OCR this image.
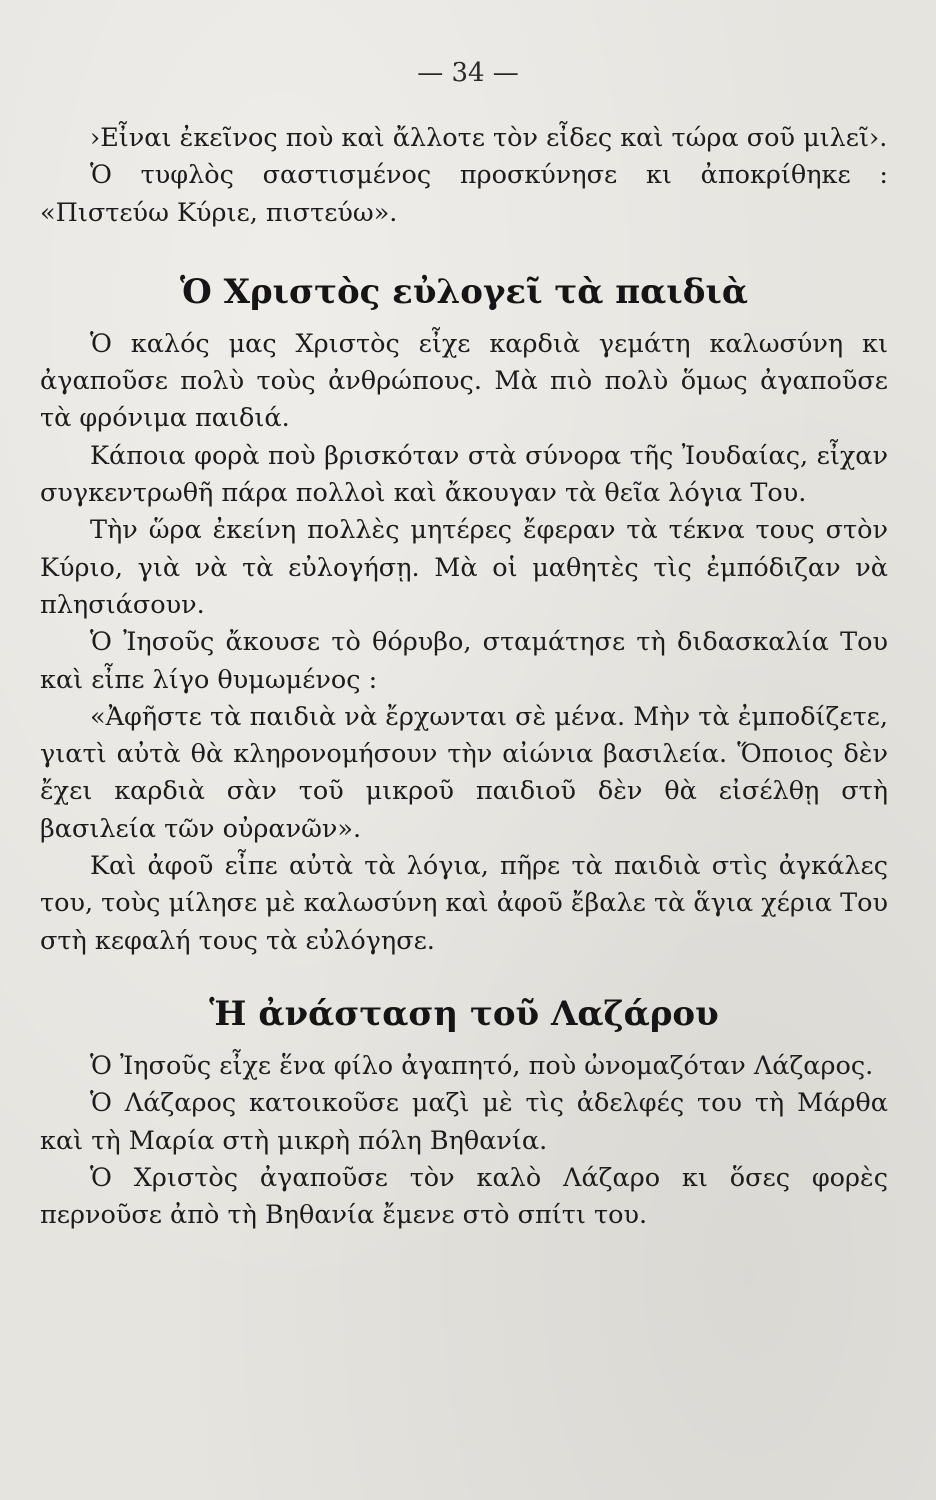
— 34 —

›Εἶναι ἐκεῖνος ποὺ καὶ ἄλλοτε τὸν εἶδες καὶ τώρα σοῦ μιλεῖ›.

Ὁ τυφλὸς σαστισμένος προσκύνησε κι ἀποκρίθηκε : «Πιστεύω Κύριε, πιστεύω».

Ὁ Χριστὸς εὐλογεῖ τὰ παιδιὰ

Ὁ καλός μας Χριστὸς εἶχε καρδιὰ γεμάτη καλωσύνη κι ἀγαποῦσε πολὺ τοὺς ἀνθρώπους. Μὰ πιὸ πολὺ ὅμως ἀγαποῦσε τὰ φρόνιμα παιδιά.

Κάποια φορὰ ποὺ βρισκόταν στὰ σύνορα τῆς Ἰουδαίας, εἶχαν συγκεντρωθῆ πάρα πολλοὶ καὶ ἄκουγαν τὰ θεῖα λόγια Του.

Τὴν ὥρα ἐκείνη πολλὲς μητέρες ἔφεραν τὰ τέκνα τους στὸν Κύριο, γιὰ νὰ τὰ εὐλογήσῃ. Μὰ οἱ μαθητὲς τὶς ἐμπόδιζαν νὰ πλησιάσουν.

Ὁ Ἰησοῦς ἄκουσε τὸ θόρυβο, σταμάτησε τὴ διδασκαλία Του καὶ εἶπε λίγο θυμωμένος :

«Ἀφῆστε τὰ παιδιὰ νὰ ἔρχωνται σὲ μένα. Μὴν τὰ ἐμποδίζετε, γιατὶ αὐτὰ θὰ κληρονομήσουν τὴν αἰώνια βασιλεία. Ὅποιος δὲν ἔχει καρδιὰ σὰν τοῦ μικροῦ παιδιοῦ δὲν θὰ εἰσέλθῃ στὴ βασιλεία τῶν οὐρανῶν».

Καὶ ἀφοῦ εἶπε αὐτὰ τὰ λόγια, πῆρε τὰ παιδιὰ στὶς ἀγκάλες του, τοὺς μίλησε μὲ καλωσύνη καὶ ἀφοῦ ἔβαλε τὰ ἅγια χέρια Του στὴ κεφαλή τους τὰ εὐλόγησε.

Ἡ ἀνάσταση τοῦ Λαζάρου

Ὁ Ἰησοῦς εἶχε ἕνα φίλο ἀγαπητό, ποὺ ὠνομαζόταν Λάζαρος.

Ὁ Λάζαρος κατοικοῦσε μαζὶ μὲ τὶς ἀδελφές του τὴ Μάρθα καὶ τὴ Μαρία στὴ μικρὴ πόλη Βηθανία.

Ὁ Χριστὸς ἀγαποῦσε τὸν καλὸ Λάζαρο κι ὅσες φορὲς περνοῦσε ἀπὸ τὴ Βηθανία ἔμενε στὸ σπίτι του.
